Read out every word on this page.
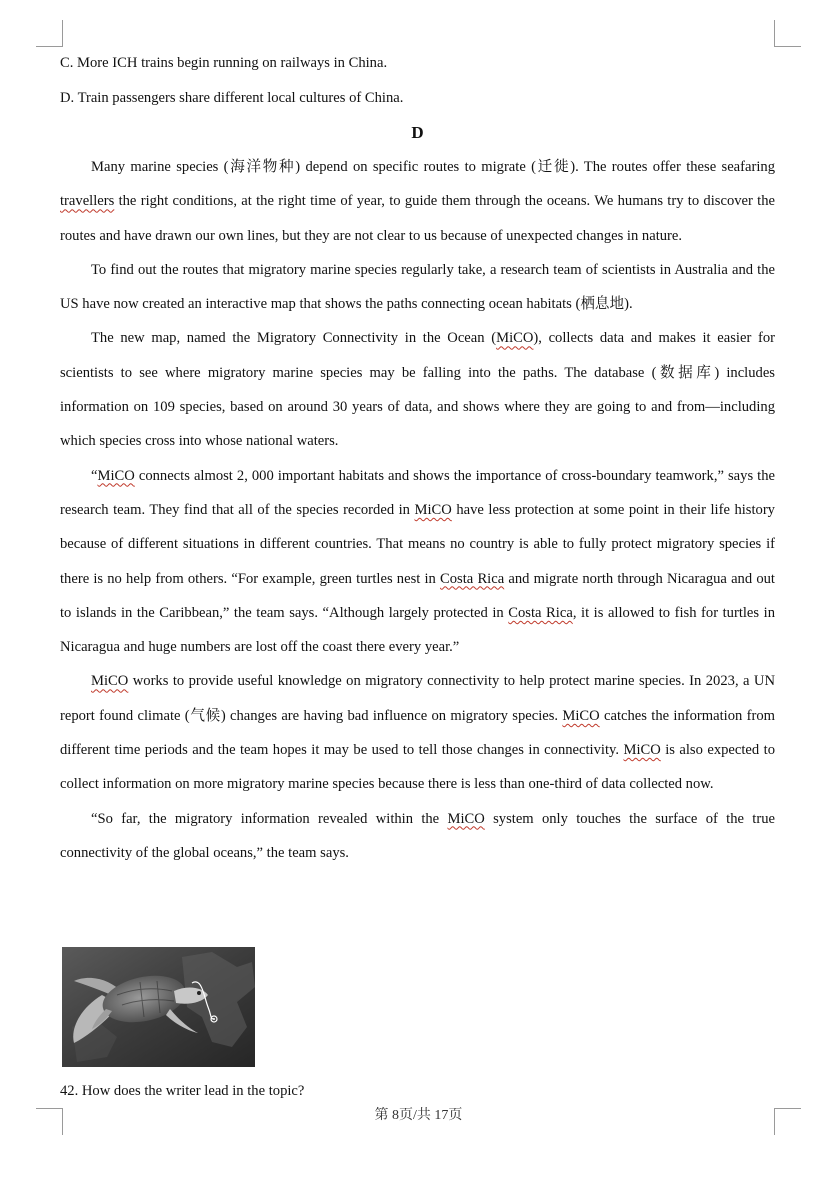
C. More ICH trains begin running on railways in China.
D. Train passengers share different local cultures of China.
D

Many marine species (海洋物种) depend on specific routes to migrate (迁徙). The routes offer these seafaring travellers the right conditions, at the right time of year, to guide them through the oceans. We humans try to discover the routes and have drawn our own lines, but they are not clear to us because of unexpected changes in nature.

To find out the routes that migratory marine species regularly take, a research team of scientists in Australia and the US have now created an interactive map that shows the paths connecting ocean habitats (栖息地).

The new map, named the Migratory Connectivity in the Ocean (MiCO), collects data and makes it easier for scientists to see where migratory marine species may be falling into the paths. The database (数据库) includes information on 109 species, based on around 30 years of data, and shows where they are going to and from—including which species cross into whose national waters.

“MiCO connects almost 2, 000 important habitats and shows the importance of cross-boundary teamwork,” says the research team. They find that all of the species recorded in MiCO have less protection at some point in their life history because of different situations in different countries. That means no country is able to fully protect migratory species if there is no help from others. “For example, green turtles nest in Costa Rica and migrate north through Nicaragua and out to islands in the Caribbean,” the team says. “Although largely protected in Costa Rica, it is allowed to fish for turtles in Nicaragua and huge numbers are lost off the coast there every year.”

MiCO works to provide useful knowledge on migratory connectivity to help protect marine species. In 2023, a UN report found climate (气候) changes are having bad influence on migratory species. MiCO catches the information from different time periods and the team hopes it may be used to tell those changes in connectivity. MiCO is also expected to collect information on more migratory marine species because there is less than one-third of data collected now.

“So far, the migratory information revealed within the MiCO system only touches the surface of the true connectivity of the global oceans,” the team says.

42. How does the writer lead in the topic?
第 8页/共 17页
